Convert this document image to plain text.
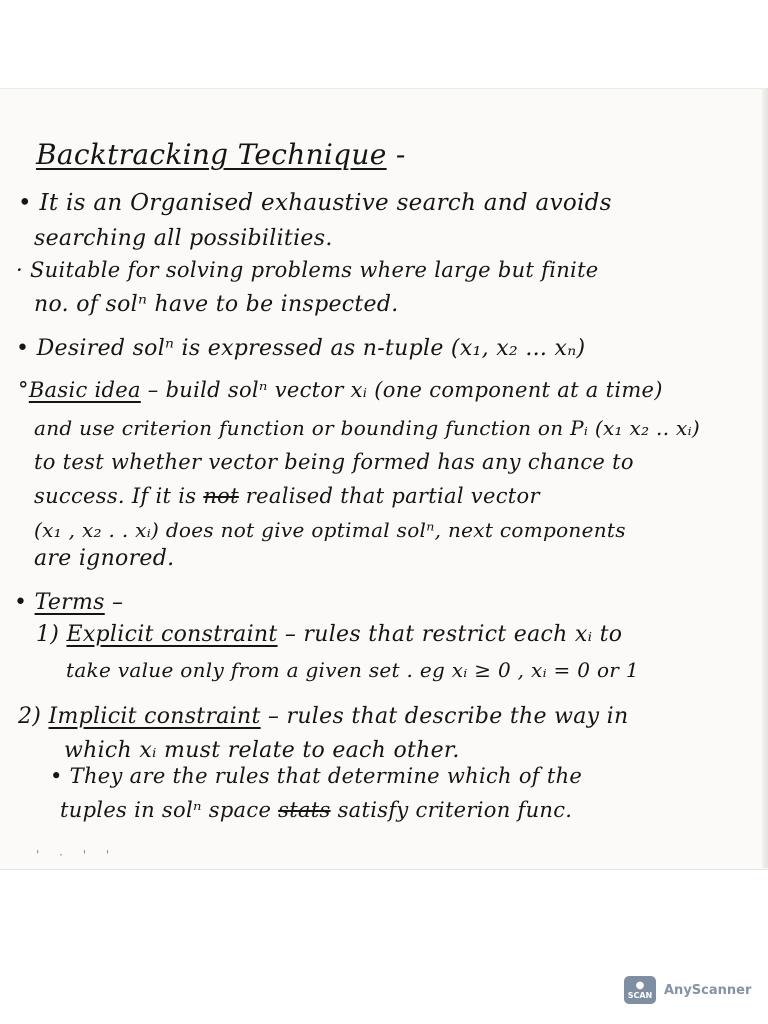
Backtracking Technique -
• It is an Organised exhaustive search and avoids
searching all possibilities.
· Suitable for solving problems where large but finite
no. of solⁿ have to be inspected.
• Desired solⁿ is expressed as n-tuple (x₁, x₂ ... xₙ)
°Basic idea – build solⁿ vector xᵢ (one component at a time)
and use criterion function or bounding function on Pᵢ (x₁ x₂ .. xᵢ)
to test whether vector being formed has any chance to
success. If it is not realised that partial vector
(x₁ , x₂ . . xᵢ) does not give optimal solⁿ, next components
are ignored.
• Terms –
1) Explicit constraint – rules that restrict each xᵢ to
take value only from a given set . eg xᵢ ≥ 0 , xᵢ = 0 or 1
2) Implicit constraint – rules that describe the way in
which xᵢ must relate to each other.
• They are the rules that determine which of the
tuples in solⁿ space stats satisfy criterion func.
' · ' '
●
SCAN AnyScanner
